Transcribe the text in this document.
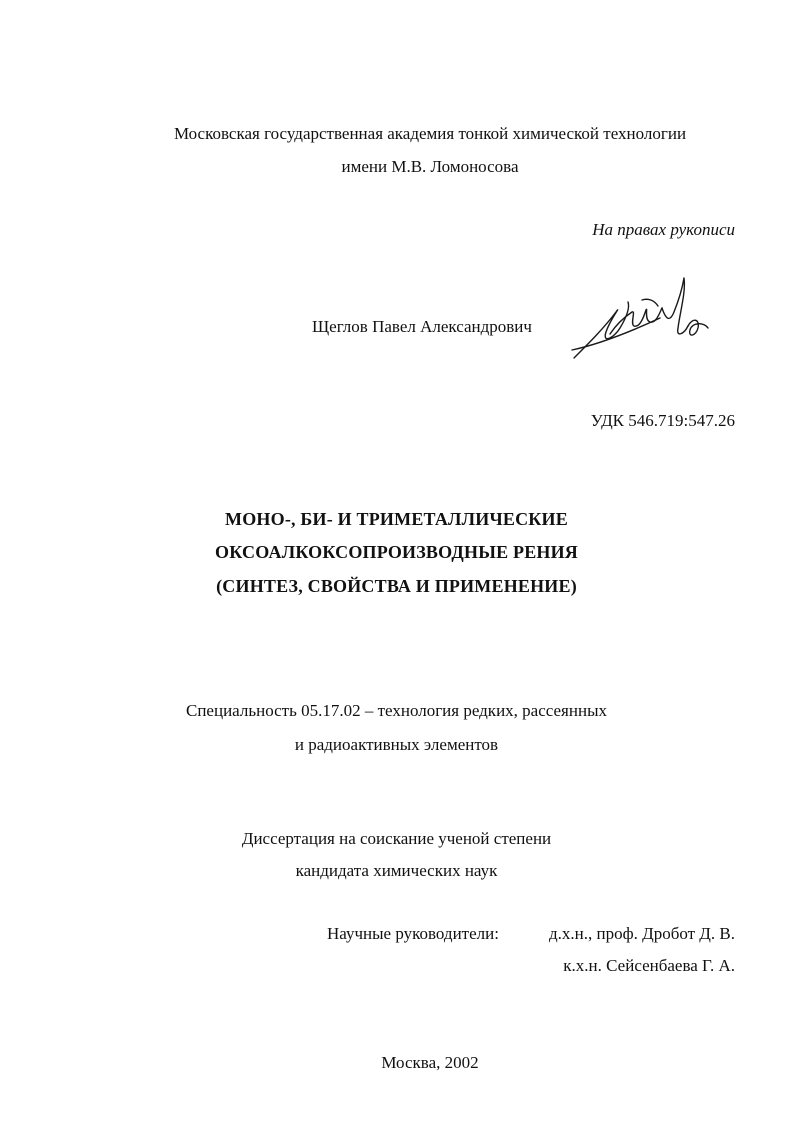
Московская государственная академия тонкой химической технологии
имени М.В. Ломоносова
На правах рукописи
Щеглов Павел Александрович
УДК 546.719:547.26
МОНО-, БИ- И ТРИМЕТАЛЛИЧЕСКИЕ
ОКСОАЛКОКСОПРОИЗВОДНЫЕ РЕНИЯ
(СИНТЕЗ, СВОЙСТВА И ПРИМЕНЕНИЕ)
Специальность 05.17.02 – технология редких, рассеянных
и радиоактивных элементов
Диссертация на соискание ученой степени
кандидата химических наук
Научные руководители:	д.х.н., проф. Дробот Д. В.
к.х.н. Сейсенбаева Г. А.
Москва, 2002
